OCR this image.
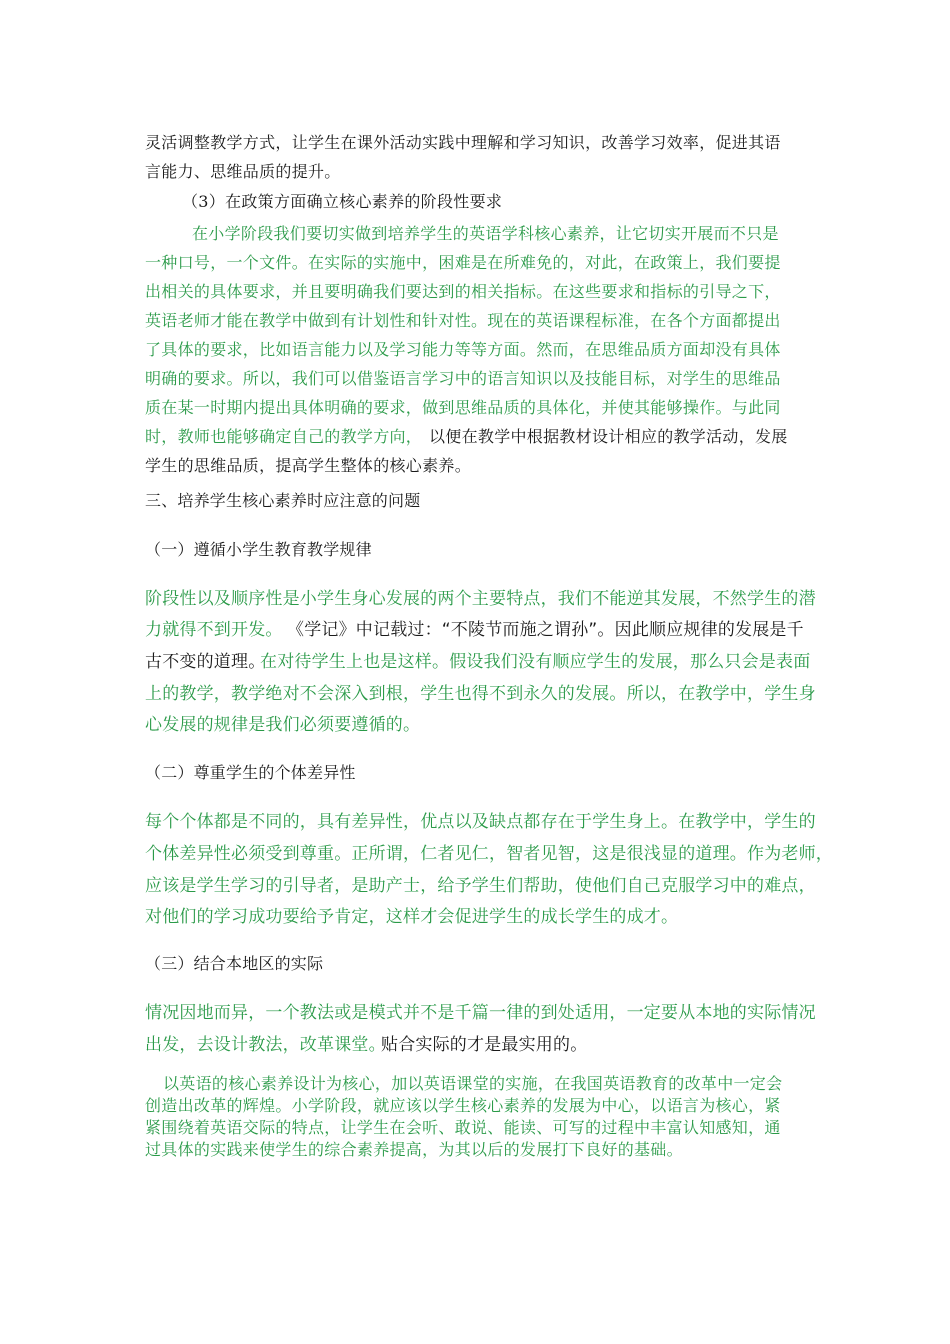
灵活调整教学方式，让学生在课外活动实践中理解和学习知识，改善学习效率，促进其语
言能力、思维品质的提升。
（3）在政策方面确立核心素养的阶段性要求
在小学阶段我们要切实做到培养学生的英语学科核心素养，让它切实开展而不只是
一种口号，一个文件。在实际的实施中，困难是在所难免的，对此，在政策上，我们要提
出相关的具体要求，并且要明确我们要达到的相关指标。在这些要求和指标的引导之下，
英语老师才能在教学中做到有计划性和针对性。现在的英语课程标准，在各个方面都提出
了具体的要求，比如语言能力以及学习能力等等方面。然而，在思维品质方面却没有具体
明确的要求。所以，我们可以借鉴语言学习中的语言知识以及技能目标，对学生的思维品
质在某一时期内提出具体明确的要求，做到思维品质的具体化，并使其能够操作。与此同
时，教师也能够确定自己的教学方向， 以便在教学中根据教材设计相应的教学活动，发展
学生的思维品质，提高学生整体的核心素养。
三、培养学生核心素养时应注意的问题
（一）遵循小学生教育教学规律
阶段性以及顺序性是小学生身心发展的两个主要特点，我们不能逆其发展，不然学生的潜
力就得不到开发。 《学记》中记载过：“不陵节而施之谓孙”。因此顺应规律的发展是千
古不变的道理。
在对待学生上也是这样。假设我们没有顺应学生的发展，那么只会是表面
上的教学，教学绝对不会深入到根，学生也得不到永久的发展。所以，在教学中，学生身
心发展的规律是我们必须要遵循的。
（二）尊重学生的个体差异性
每个个体都是不同的，具有差异性，优点以及缺点都存在于学生身上。在教学中，学生的
个体差异性必须受到尊重。正所谓，仁者见仁，智者见智，这是很浅显的道理。作为老师，
应该是学生学习的引导者，是助产士，给予学生们帮助，使他们自己克服学习中的难点，
对他们的学习成功要给予肯定，这样才会促进学生的成长学生的成才。
（三）结合本地区的实际
情况因地而异，一个教法或是模式并不是千篇一律的到处适用，一定要从本地的实际情况
出发，去设计教法，改革课堂。
贴合实际的才是最实用的。
以英语的核心素养设计为核心，加以英语课堂的实施，在我国英语教育的改革中一定会
创造出改革的辉煌。小学阶段，就应该以学生核心素养的发展为中心，以语言为核心，紧
紧围绕着英语交际的特点，让学生在会听、敢说、能读、可写的过程中丰富认知感知，通
过具体的实践来使学生的综合素养提高，为其以后的发展打下良好的基础。
